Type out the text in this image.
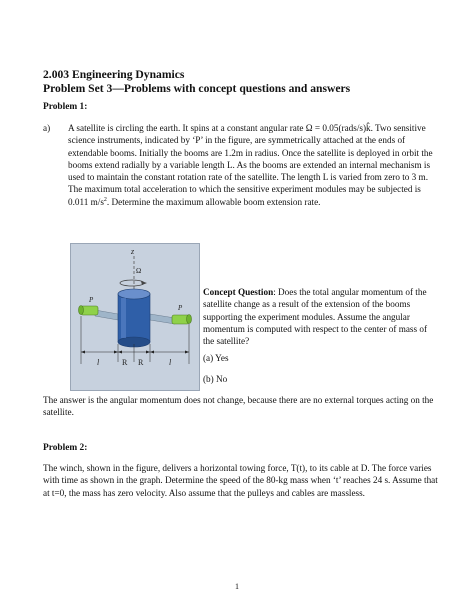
2.003 Engineering Dynamics
Problem Set 3—Problems with concept questions and answers
Problem 1:
a)	A satellite is circling the earth. It spins at a constant angular rate Ω = 0.05(rads/s)k̂. Two sensitive science instruments, indicated by ‘P’ in the figure, are symmetrically attached at the ends of extendable booms. Initially the booms are 1.2m in radius. Once the satellite is deployed in orbit the booms extend radially by a variable length L. As the booms are extended an internal mechanism is used to maintain the constant rotation rate of the satellite. The length L is varied from zero to 3 m. The maximum total acceleration to which the sensitive experiment modules may be subjected is 0.011 $m/s^2$. Determine the maximum allowable boom extension rate.
z
Ω
P
P
l	R R	l
Concept Question: Does the total angular momentum of the satellite change as a result of the extension of the booms supporting the experiment modules. Assume the angular momentum is computed with respect to the center of mass of the satellite?
(a) Yes
(b) No
The answer is the angular momentum does not change, because there are no external torques acting on the satellite.
Problem 2:
The winch, shown in the figure, delivers a horizontal towing force, T(t), to its cable at D. The force varies with time as shown in the graph. Determine the speed of the 80-kg mass when ‘t’ reaches 24 s. Assume that at t=0, the mass has zero velocity. Also assume that the pulleys and cables are massless.
1
